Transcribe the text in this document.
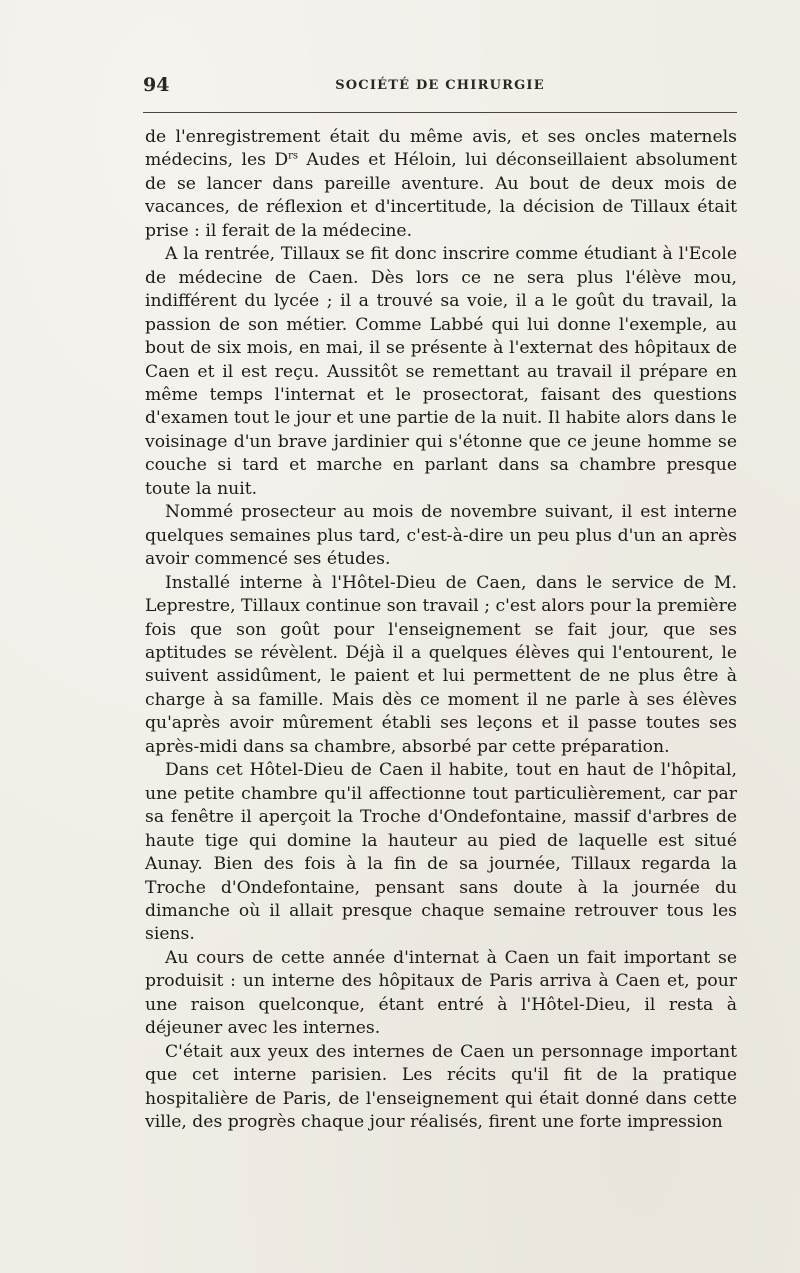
94	SOCIÉTÉ DE CHIRURGIE

de l'enregistrement était du même avis, et ses oncles maternels médecins, les $D^{rs}$ Audes et Héloin, lui déconseillaient absolument de se lancer dans pareille aventure. Au bout de deux mois de vacances, de réflexion et d'incertitude, la décision de Tillaux était prise : il ferait de la médecine.

A la rentrée, Tillaux se fit donc inscrire comme étudiant à l'Ecole de médecine de Caen. Dès lors ce ne sera plus l'élève mou, indifférent du lycée ; il a trouvé sa voie, il a le goût du travail, la passion de son métier. Comme Labbé qui lui donne l'exemple, au bout de six mois, en mai, il se présente à l'externat des hôpitaux de Caen et il est reçu. Aussitôt se remettant au travail il prépare en même temps l'internat et le prosectorat, faisant des questions d'examen tout le jour et une partie de la nuit. Il habite alors dans le voisinage d'un brave jardinier qui s'étonne que ce jeune homme se couche si tard et marche en parlant dans sa chambre presque toute la nuit.

Nommé prosecteur au mois de novembre suivant, il est interne quelques semaines plus tard, c'est-à-dire un peu plus d'un an après avoir commencé ses études.

Installé interne à l'Hôtel-Dieu de Caen, dans le service de M. Leprestre, Tillaux continue son travail ; c'est alors pour la première fois que son goût pour l'enseignement se fait jour, que ses aptitudes se révèlent. Déjà il a quelques élèves qui l'entourent, le suivent assidûment, le paient et lui permettent de ne plus être à charge à sa famille. Mais dès ce moment il ne parle à ses élèves qu'après avoir mûrement établi ses leçons et il passe toutes ses après-midi dans sa chambre, absorbé par cette préparation.

Dans cet Hôtel-Dieu de Caen il habite, tout en haut de l'hôpital, une petite chambre qu'il affectionne tout particulièrement, car par sa fenêtre il aperçoit la Troche d'Ondefontaine, massif d'arbres de haute tige qui domine la hauteur au pied de laquelle est situé Aunay. Bien des fois à la fin de sa journée, Tillaux regarda la Troche d'Ondefontaine, pensant sans doute à la journée du dimanche où il allait presque chaque semaine retrouver tous les siens.

Au cours de cette année d'internat à Caen un fait important se produisit : un interne des hôpitaux de Paris arriva à Caen et, pour une raison quelconque, étant entré à l'Hôtel-Dieu, il resta à déjeuner avec les internes.

C'était aux yeux des internes de Caen un personnage important que cet interne parisien. Les récits qu'il fit de la pratique hospitalière de Paris, de l'enseignement qui était donné dans cette ville, des progrès chaque jour réalisés, firent une forte impression
